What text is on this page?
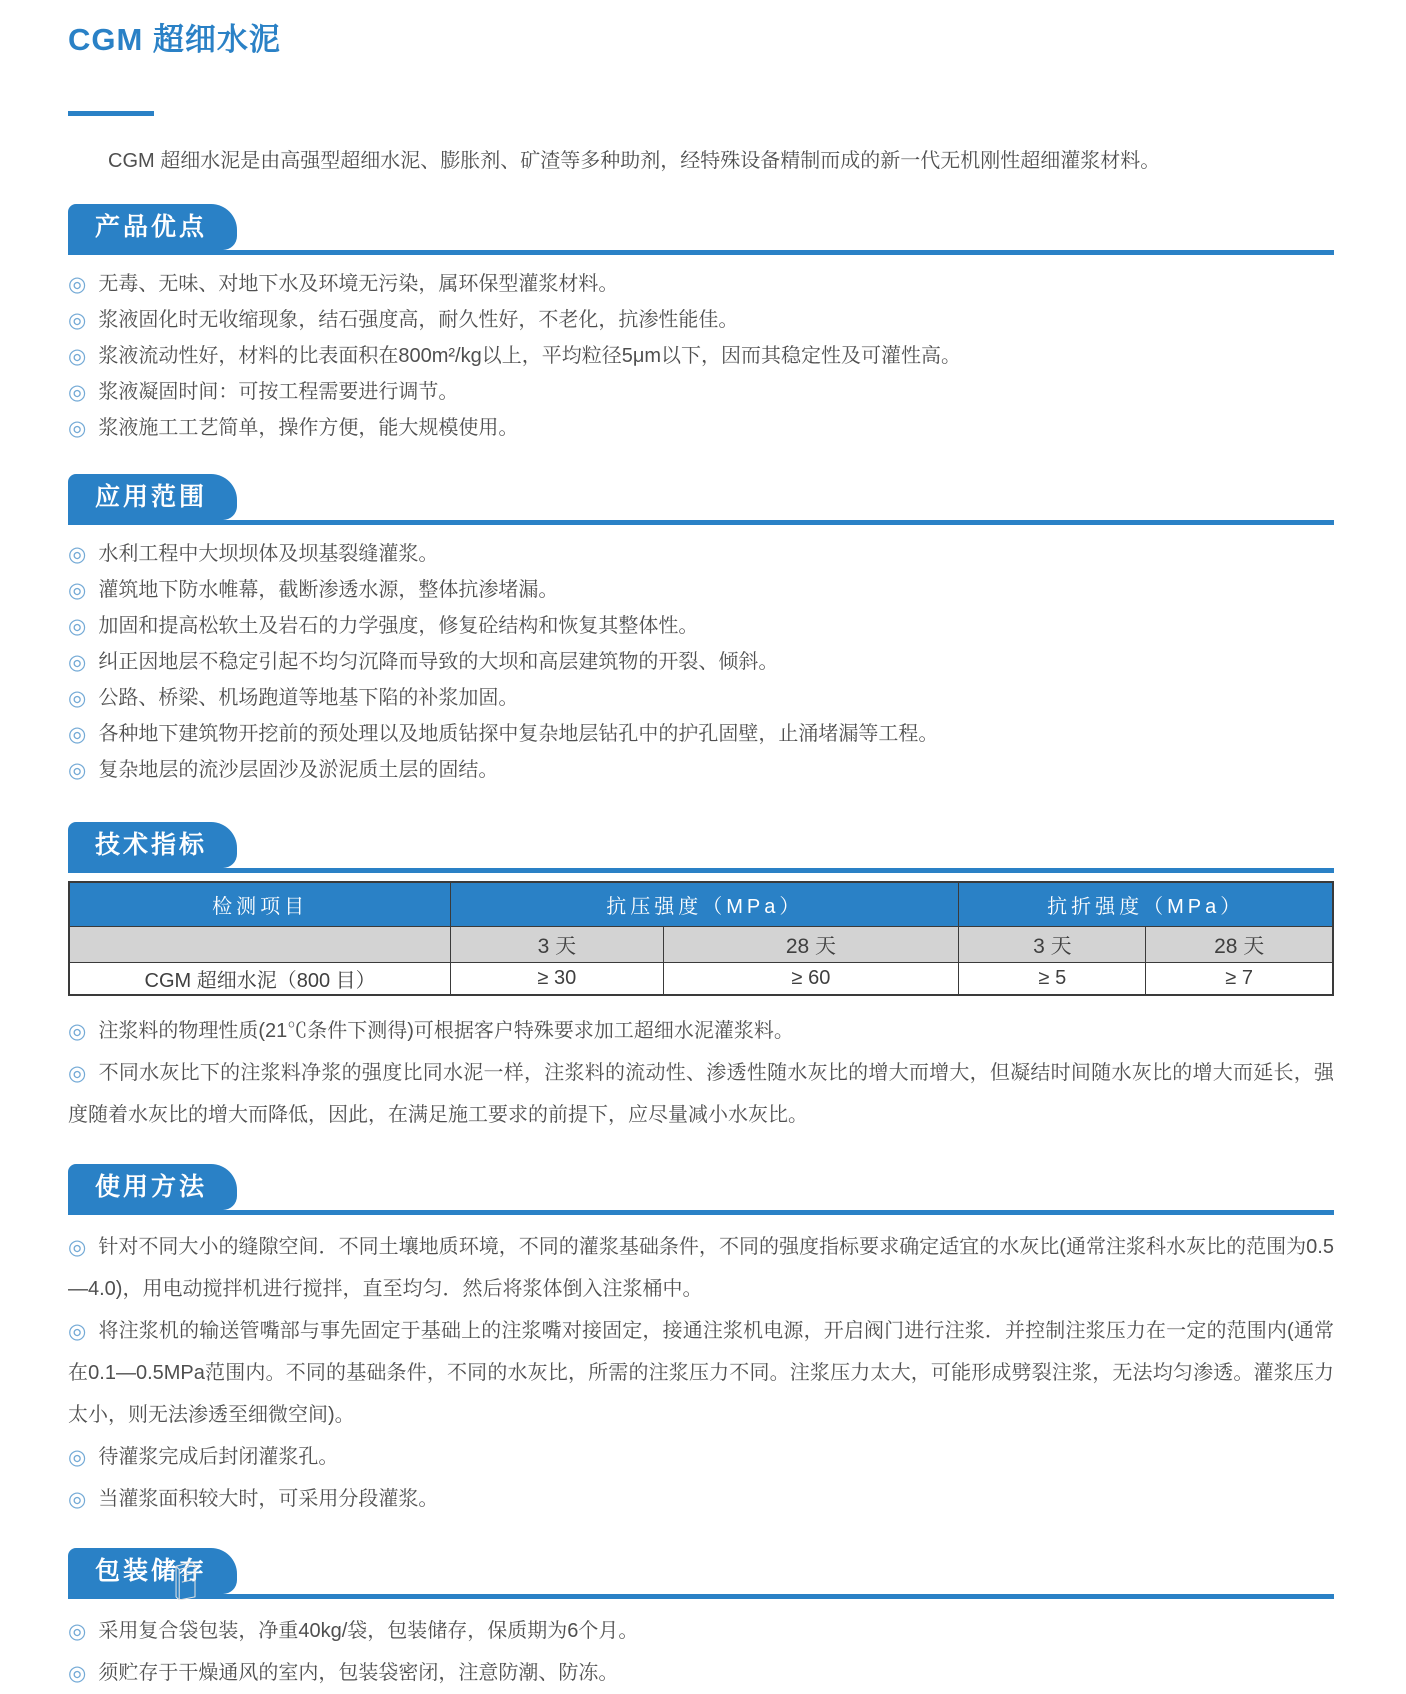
CGM 超细水泥

CGM 超细水泥是由高强型超细水泥、膨胀剂、矿渣等多种助剂，经特殊设备精制而成的新一代无机刚性超细灌浆材料。

产品优点

◎ 无毒、无味、对地下水及环境无污染，属环保型灌浆材料。

◎ 浆液固化时无收缩现象，结石强度高，耐久性好，不老化，抗渗性能佳。

◎ 浆液流动性好，材料的比表面积在800m²/kg以上，平均粒径5μm以下，因而其稳定性及可灌性高。

◎ 浆液凝固时间：可按工程需要进行调节。

◎ 浆液施工工艺简单，操作方便，能大规模使用。

应用范围

◎ 水利工程中大坝坝体及坝基裂缝灌浆。

◎ 灌筑地下防水帷幕，截断渗透水源，整体抗渗堵漏。

◎ 加固和提高松软土及岩石的力学强度，修复砼结构和恢复其整体性。

◎ 纠正因地层不稳定引起不均匀沉降而导致的大坝和高层建筑物的开裂、倾斜。

◎ 公路、桥梁、机场跑道等地基下陷的补浆加固。

◎ 各种地下建筑物开挖前的预处理以及地质钻探中复杂地层钻孔中的护孔固壁，止涌堵漏等工程。

◎ 复杂地层的流沙层固沙及淤泥质土层的固结。

技术指标
检测项目	抗压强度（MPa）		抗折强度（MPa）	
	3 天	28 天	3 天	28 天
CGM 超细水泥（800 目）	≥ 30	≥ 60	≥ 5	≥ 7

◎ 注浆料的物理性质(21℃条件下测得)可根据客户特殊要求加工超细水泥灌浆料。

◎ 不同水灰比下的注浆料净浆的强度比同水泥一样，注浆料的流动性、渗透性随水灰比的增大而增大，但凝结时间随水灰比的增大而延长，强度随着水灰比的增大而降低，因此，在满足施工要求的前提下，应尽量减小水灰比。

使用方法

◎ 针对不同大小的缝隙空间．不同土壤地质环境，不同的灌浆基础条件，不同的强度指标要求确定适宜的水灰比(通常注浆科水灰比的范围为0.5—4.0)，用电动搅拌机进行搅拌，直至均匀．然后将浆体倒入注浆桶中。

◎ 将注浆机的输送管嘴部与事先固定于基础上的注浆嘴对接固定，接通注浆机电源，开启阀门进行注浆．并控制注浆压力在一定的范围内(通常在0.1—0.5MPa范围内。不同的基础条件，不同的水灰比，所需的注浆压力不同。注浆压力太大，可能形成劈裂注浆，无法均匀渗透。灌浆压力太小，则无法渗透至细微空间)。

◎ 待灌浆完成后封闭灌浆孔。

◎ 当灌浆面积较大时，可采用分段灌浆。

包装储存

◎ 采用复合袋包装，净重40kg/袋，包装储存，保质期为6个月。

◎ 须贮存于干燥通风的室内，包装袋密闭，注意防潮、防冻。
